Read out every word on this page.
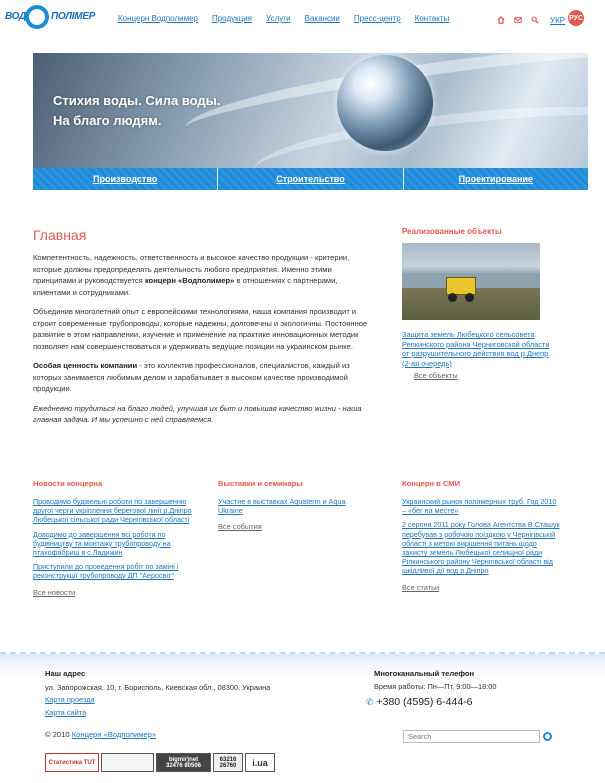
ВОД	ПОЛІМЕР	Концерн Водполимер Продукция Услуги Вакансии Пресс-центр Контакты	УКР РУС
Стихия воды. Сила воды.
На благо людям.
Производство	Строительство	Проектирование
Главная

Компетентность, надежность, ответственность и высокое качество продукции - критерии, которые должны предопределять деятельность любого предприятия. Именно этими принципами и руководствуется концерн «Водполимер» в отношениях с партнерами, клиентами и сотрудниками.

Объединив многолетний опыт с европейскими технологиями, наша компания производит и строит современные трубопроводы, которые надежны, долговечны и экологичны. Постоянное развитие в этом направлении, изучение и применение на практике инновационных методик позволяет нам совершенствоваться и удерживать ведущие позиции на украинском рынке.

Особая ценность компании - это коллектив профессионалов, специалистов, каждый из которых занимается любимым делом и зарабатывает в высоком качестве производимой продукции.

Ежедневно трудиться на благо людей, улучшая их быт и повышая качество жизни - наша главная задача. И мы успешно с ней справляемся.

Реализованные объекты
Защита земель Любецкого сельсовета Репкинского района Черниговской области от разрушительного действия вод р.Днепр (2-ая очередь)
Все объекты
Новости концерна
Проводимо будівельні роботи по завершенню другої черги укріплення берегової лінії р.Дніпро Любецької сільської ради Чернігівської області
Доводимо до завершення всі роботи по будівництву та монтажу трубопроводу на птахофабриці в с.Ладижин
Приступили до проведення робіт по заміні і реконструкції трубопроводу ДП "Аеросвіт"
Все новости
Выставки и семинары
Участие в выставках Aquaterm и Aqua Ukraine
Все события
Концерн в СМИ
Украинский рынок полимерных труб. Год 2010 – «бег на месте»
2 серпня 2011 року Голова Агентства В.Сташук перебував з робочою поїздкою у Чернігівській області з метою вирішення питань щодо захисту земель Любецької селищної ради Ріпкинського району Чернігівської області від шкідливої дії вод р.Дніпро
Все статьи
Наш адрес
ул. Запорожская, 10, г. Борисполь, Киевская обл., 08300, Украина
Карта проезда
Карта сайта
Многоканальный телефон
Время работы: Пн—Пт, 9:00—18:00
✆ +380 (4595) 6-444-6
© 2010 Концерн «Водполимер»
Search
Статистика TUT	bigmir)net
32476 80506
63216
26760	i.ua
